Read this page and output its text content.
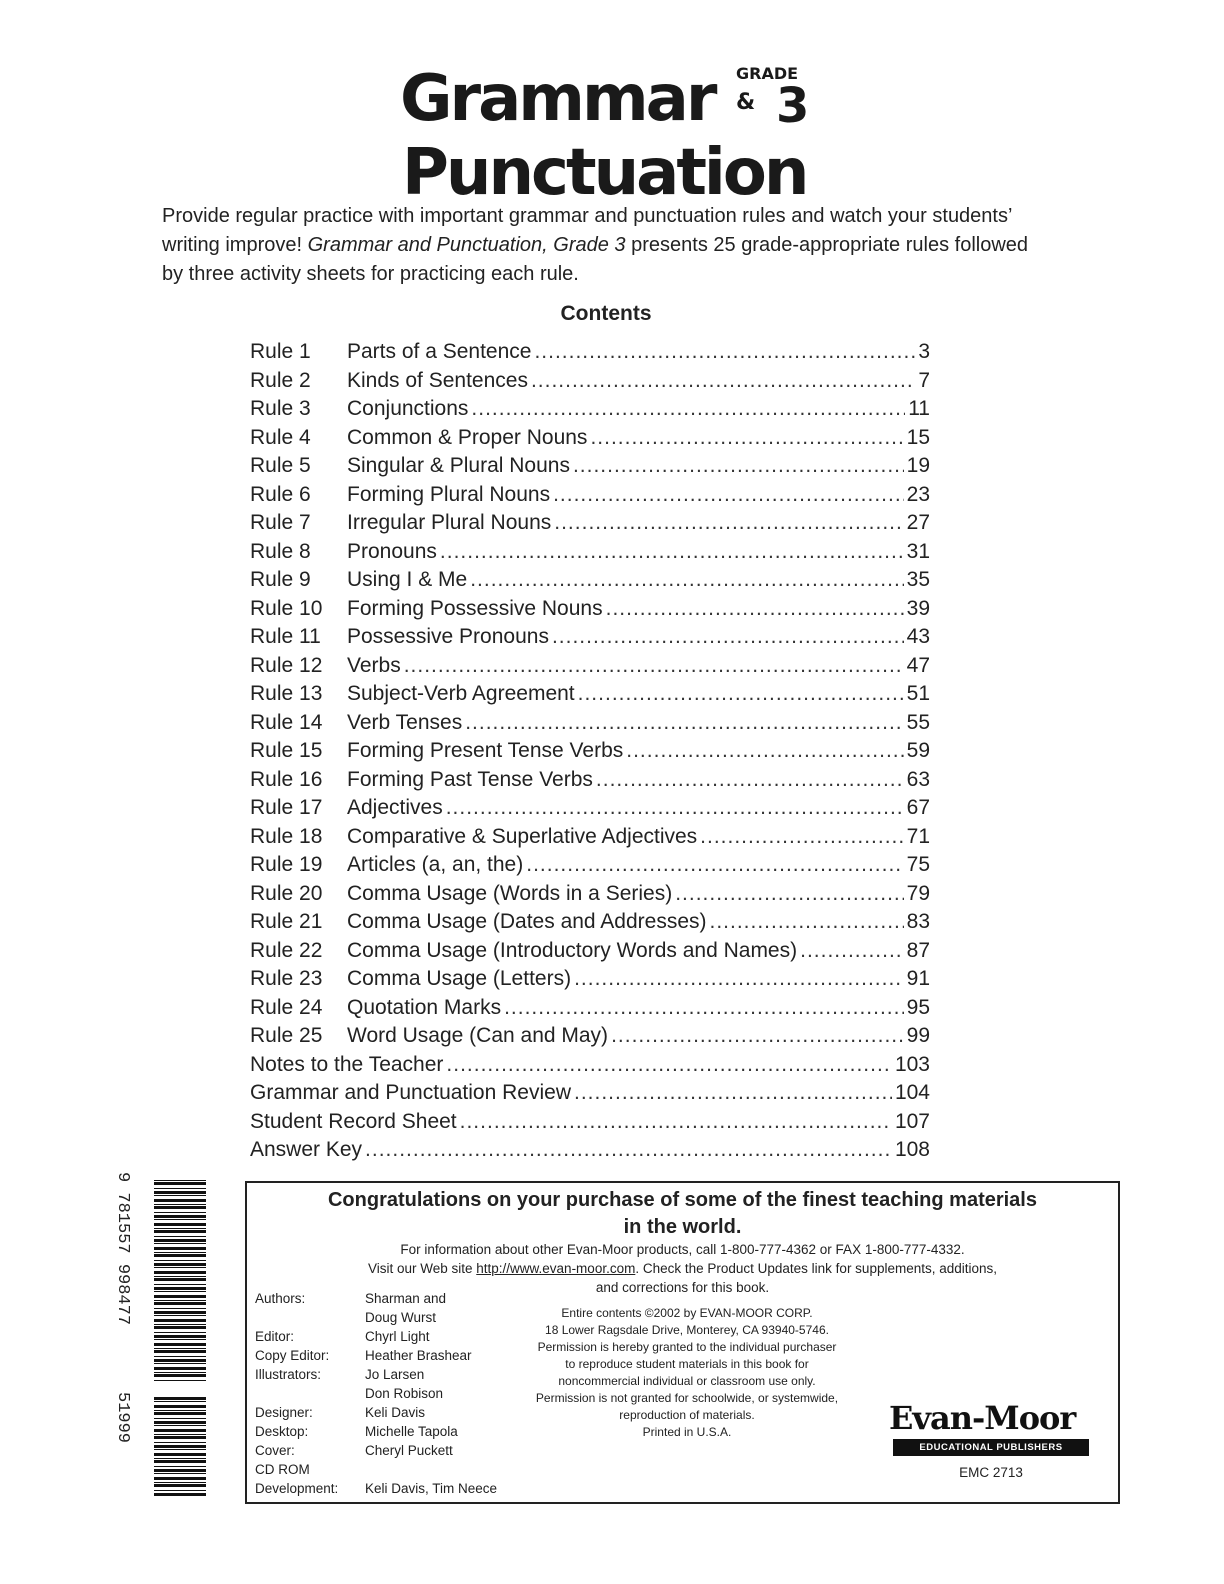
Grammar GRADE
& 3
Punctuation
Provide regular practice with important grammar and punctuation rules and watch your students’ writing improve! Grammar and Punctuation, Grade 3 presents 25 grade-appropriate rules followed by three activity sheets for practicing each rule.
Contents
Rule 1	Parts of a Sentence .....	3
Rule 2	Kinds of Sentences .....	7
Rule 3	Conjunctions .....	11
Rule 4	Common & Proper Nouns .....	15
Rule 5	Singular & Plural Nouns .....	19
Rule 6	Forming Plural Nouns .....	23
Rule 7	Irregular Plural Nouns .....	27
Rule 8	Pronouns .....	31
Rule 9	Using I & Me .....	35
Rule 10	Forming Possessive Nouns .....	39
Rule 11	Possessive Pronouns .....	43
Rule 12	Verbs .....	47
Rule 13	Subject-Verb Agreement .....	51
Rule 14	Verb Tenses .....	55
Rule 15	Forming Present Tense Verbs .....	59
Rule 16	Forming Past Tense Verbs .....	63
Rule 17	Adjectives .....	67
Rule 18	Comparative & Superlative Adjectives .....	71
Rule 19	Articles (a, an, the) .....	75
Rule 20	Comma Usage (Words in a Series) .....	79
Rule 21	Comma Usage (Dates and Addresses) .....	83
Rule 22	Comma Usage (Introductory Words and Names) .....	87
Rule 23	Comma Usage (Letters) .....	91
Rule 24	Quotation Marks .....	95
Rule 25	Word Usage (Can and May) .....	99
Notes to the Teacher .....	103
Grammar and Punctuation Review .....	104
Student Record Sheet .....	107
Answer Key .....	108
9 781557 998477
51999
Congratulations on your purchase of some of the finest teaching materials
in the world.
For information about other Evan-Moor products, call 1-800-777-4362 or FAX 1-800-777-4332.
Visit our Web site http://www.evan-moor.com. Check the Product Updates link for supplements, additions,
and corrections for this book.
Authors:	Sharman and
Doug Wurst
Editor:	Chyrl Light
Copy Editor:	Heather Brashear
Illustrators:	Jo Larsen
Don Robison
Designer:	Keli Davis
Desktop:	Michelle Tapola
Cover:	Cheryl Puckett
CD ROM
Development:	Keli Davis, Tim Neece
Entire contents ©2002 by EVAN-MOOR CORP.
18 Lower Ragsdale Drive, Monterey, CA 93940-5746.
Permission is hereby granted to the individual purchaser
to reproduce student materials in this book for
noncommercial individual or classroom use only.
Permission is not granted for schoolwide, or systemwide,
reproduction of materials.
Printed in U.S.A.	Evan-Moor
EDUCATIONAL PUBLISHERS
EMC 2713
